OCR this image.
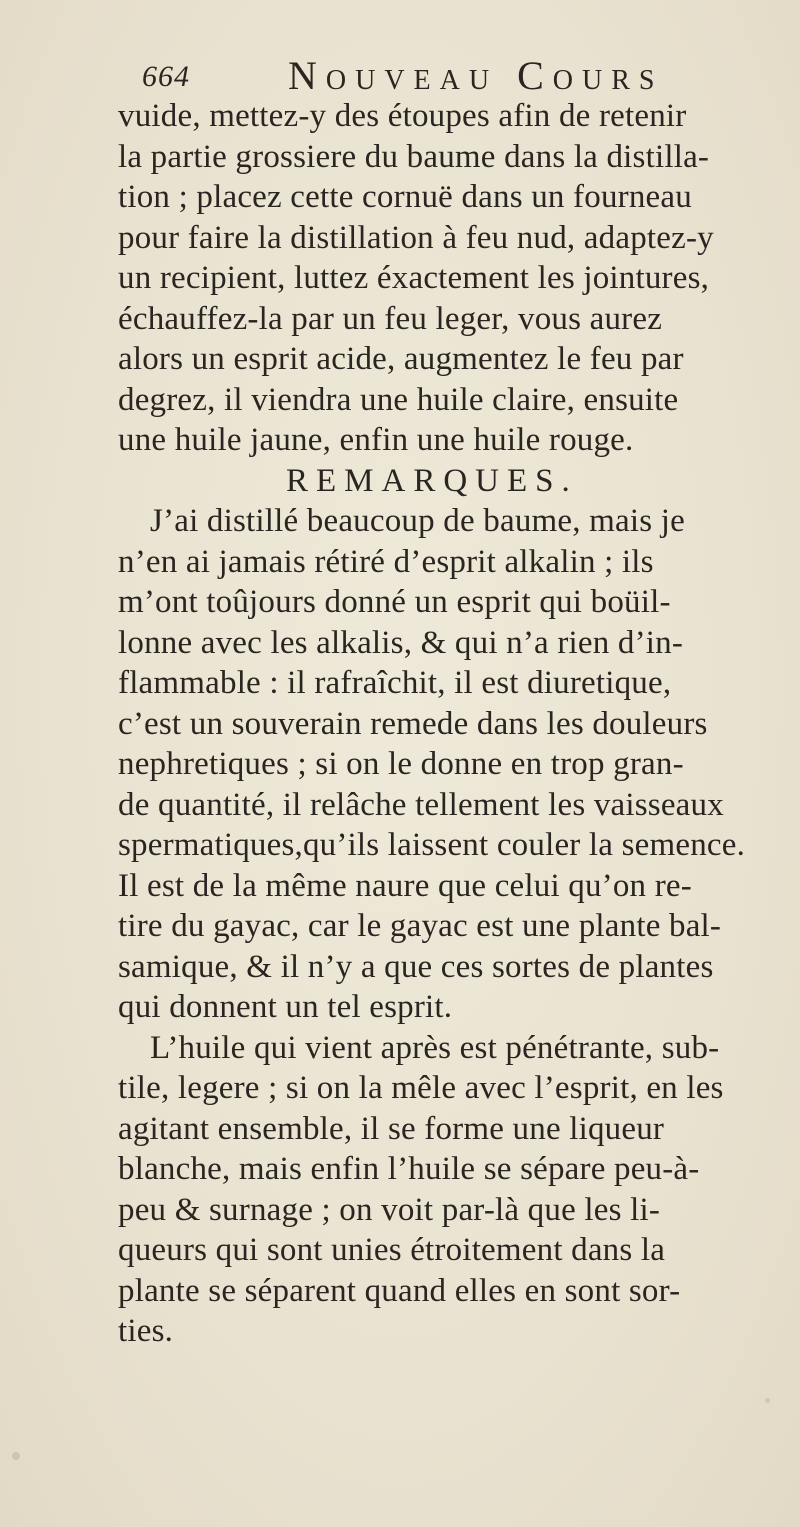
664 Nouveau Cours
vuide, mettez-y des étoupes afin de retenir
la partie grossiere du baume dans la distilla-
tion ; placez cette cornuë dans un fourneau
pour faire la distillation à feu nud, adaptez-y
un recipient, luttez éxactement les jointures,
échauffez-la par un feu leger, vous aurez
alors un esprit acide, augmentez le feu par
degrez, il viendra une huile claire, ensuite
une huile jaune, enfin une huile rouge.
REMARQUES.
J’ai distillé beaucoup de baume, mais je
n’en ai jamais rétiré d’esprit alkalin ; ils
m’ont toûjours donné un esprit qui boüil-
lonne avec les alkalis, & qui n’a rien d’in-
flammable : il rafraîchit, il est diuretique,
c’est un souverain remede dans les douleurs
nephretiques ; si on le donne en trop gran-
de quantité, il relâche tellement les vaisseaux
spermatiques,qu’ils laissent couler la semence.
Il est de la même naure que celui qu’on re-
tire du gayac, car le gayac est une plante bal-
samique, & il n’y a que ces sortes de plantes
qui donnent un tel esprit.
L’huile qui vient après est pénétrante, sub-
tile, legere ; si on la mêle avec l’esprit, en les
agitant ensemble, il se forme une liqueur
blanche, mais enfin l’huile se sépare peu-à-
peu & surnage ; on voit par-là que les li-
queurs qui sont unies étroitement dans la
plante se séparent quand elles en sont sor-
ties.
